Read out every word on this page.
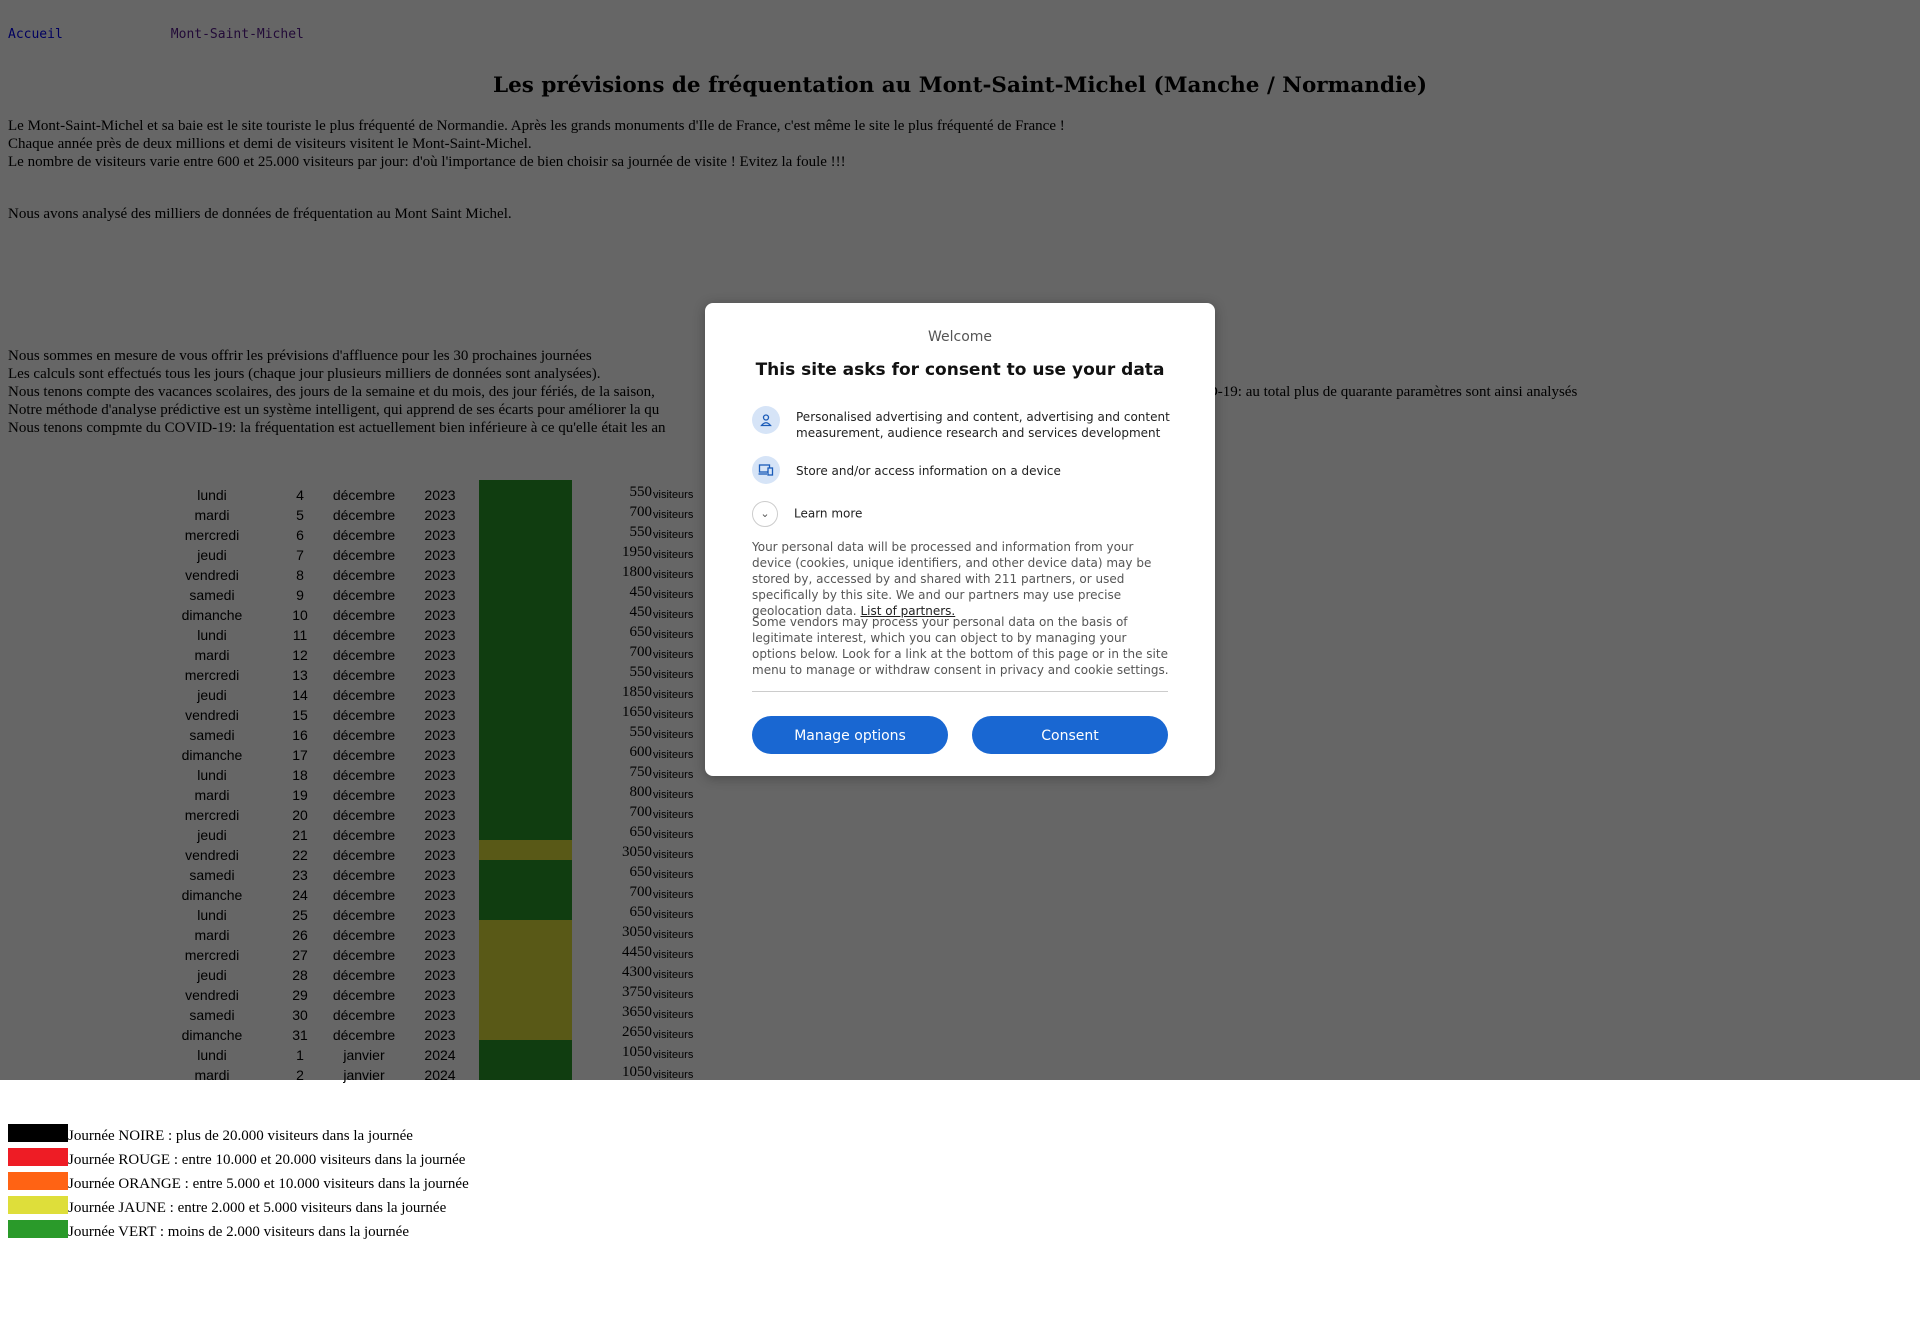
Journée NOIRE : plus de 20.000 visiteurs dans la journée
Journée ROUGE : entre 10.000 et 20.000 visiteurs dans la journée
Journée ORANGE : entre 5.000 et 10.000 visiteurs dans la journée
Journée JAUNE : entre 2.000 et 5.000 visiteurs dans la journée
Journée VERT : moins de 2.000 visiteurs dans la journée
Welcome
This site asks for consent to use your data
Personalised advertising and content, advertising and content measurement, audience research and services development
Store and/or access information on a device
⌄ Learn more
Your personal data will be processed and information from your device (cookies, unique identifiers, and other device data) may be stored by, accessed by and shared with 211 partners, or used specifically by this site. We and our partners may use precise geolocation data. List of partners.
Some vendors may process your personal data on the basis of legitimate interest, which you can object to by managing your options below. Look for a link at the bottom of this page or in the site menu to manage or withdraw consent in privacy and cookie settings.
Manage options	Consent
